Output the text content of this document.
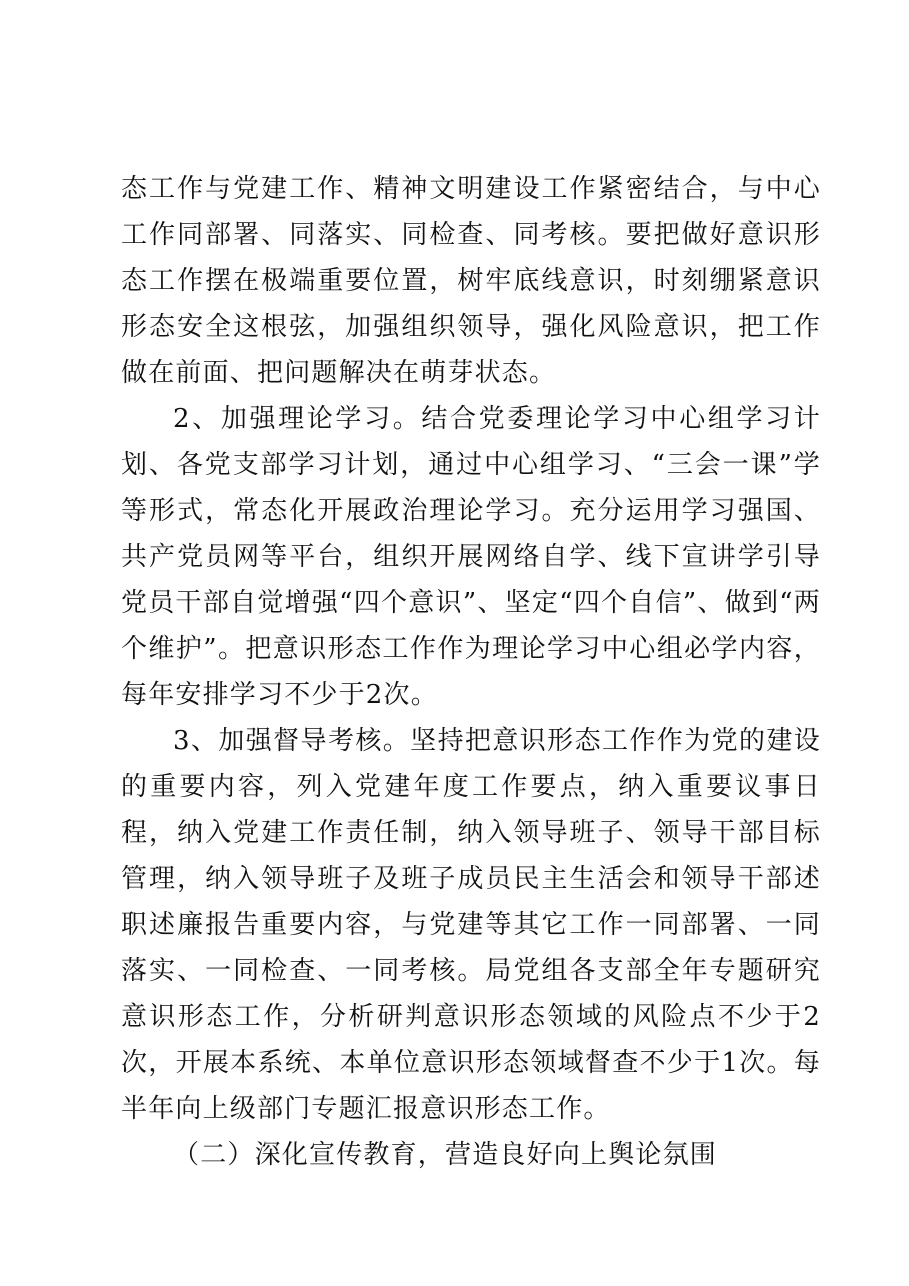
态工作与党建工作、精神文明建设工作紧密结合，与中心工作同部署、同落实、同检查、同考核。要把做好意识形态工作摆在极端重要位置，树牢底线意识，时刻绷紧意识形态安全这根弦，加强组织领导，强化风险意识，把工作做在前面、把问题解决在萌芽状态。

2、加强理论学习。结合党委理论学习中心组学习计划、各党支部学习计划，通过中心组学习、“三会一课”学等形式，常态化开展政治理论学习。充分运用学习强国、共产党员网等平台，组织开展网络自学、线下宣讲学引导党员干部自觉增强“四个意识”、坚定“四个自信”、做到“两个维护”。把意识形态工作作为理论学习中心组必学内容，每年安排学习不少于2次。

3、加强督导考核。坚持把意识形态工作作为党的建设的重要内容，列入党建年度工作要点，纳入重要议事日程，纳入党建工作责任制，纳入领导班子、领导干部目标管理，纳入领导班子及班子成员民主生活会和领导干部述职述廉报告重要内容，与党建等其它工作一同部署、一同落实、一同检查、一同考核。局党组各支部全年专题研究意识形态工作，分析研判意识形态领域的风险点不少于2次，开展本系统、本单位意识形态领域督查不少于1次。每半年向上级部门专题汇报意识形态工作。

（二）深化宣传教育，营造良好向上舆论氛围
